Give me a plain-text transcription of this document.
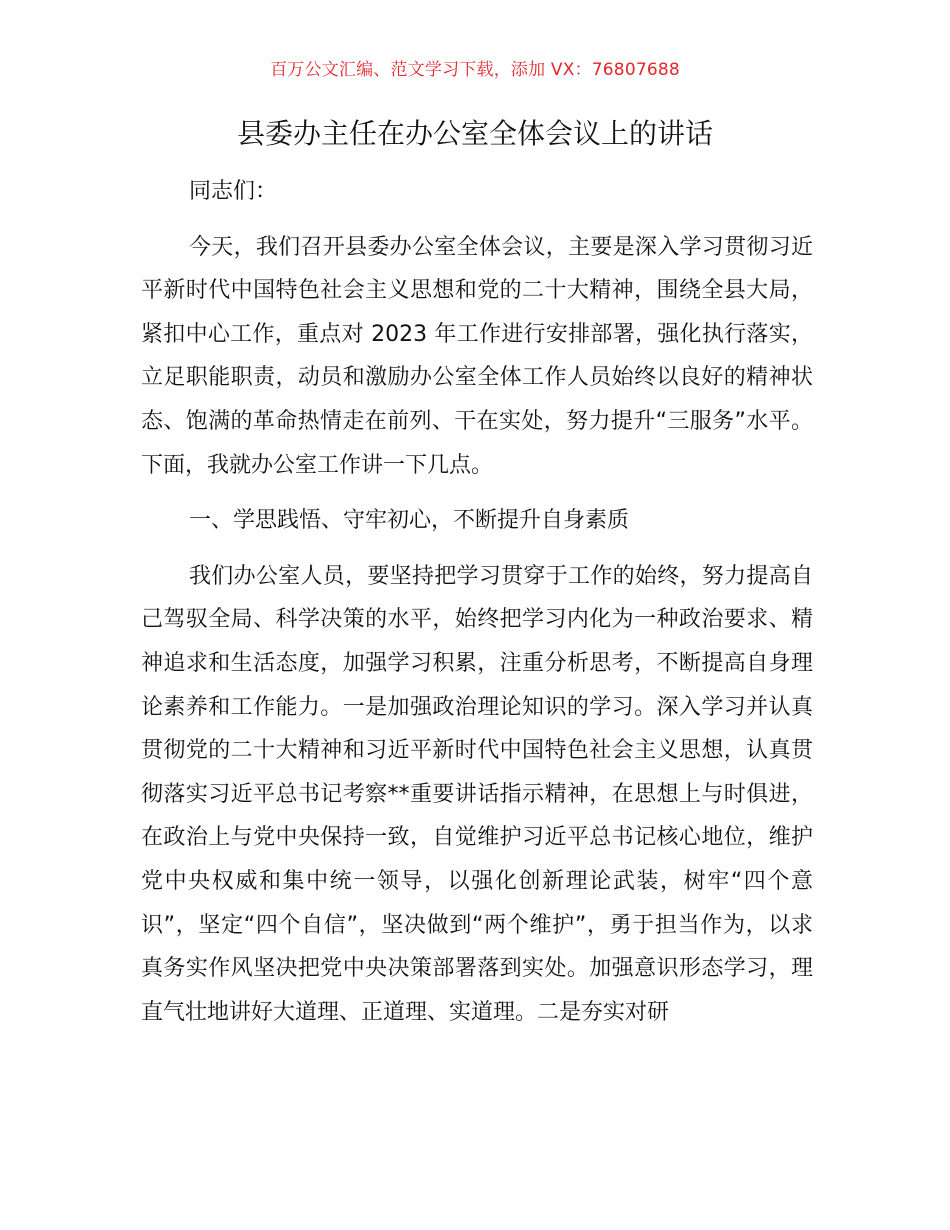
百万公文汇编、范文学习下载，添加 VX：76807688
县委办主任在办公室全体会议上的讲话

同志们：

今天，我们召开县委办公室全体会议，主要是深入学习贯彻习近平新时代中国特色社会主义思想和党的二十大精神，围绕全县大局，紧扣中心工作，重点对 2023 年工作进行安排部署，强化执行落实，立足职能职责，动员和激励办公室全体工作人员始终以良好的精神状态、饱满的革命热情走在前列、干在实处，努力提升“三服务”水平。下面，我就办公室工作讲一下几点。

一、学思践悟、守牢初心，不断提升自身素质

我们办公室人员，要坚持把学习贯穿于工作的始终，努力提高自己驾驭全局、科学决策的水平，始终把学习内化为一种政治要求、精神追求和生活态度，加强学习积累，注重分析思考，不断提高自身理论素养和工作能力。一是加强政治理论知识的学习。深入学习并认真贯彻党的二十大精神和习近平新时代中国特色社会主义思想，认真贯彻落实习近平总书记考察**重要讲话指示精神，在思想上与时俱进，在政治上与党中央保持一致，自觉维护习近平总书记核心地位，维护党中央权威和集中统一领导，以强化创新理论武装，树牢“四个意识”，坚定“四个自信”，坚决做到“两个维护”，勇于担当作为，以求真务实作风坚决把党中央决策部署落到实处。加强意识形态学习，理直气壮地讲好大道理、正道理、实道理。二是夯实对研
